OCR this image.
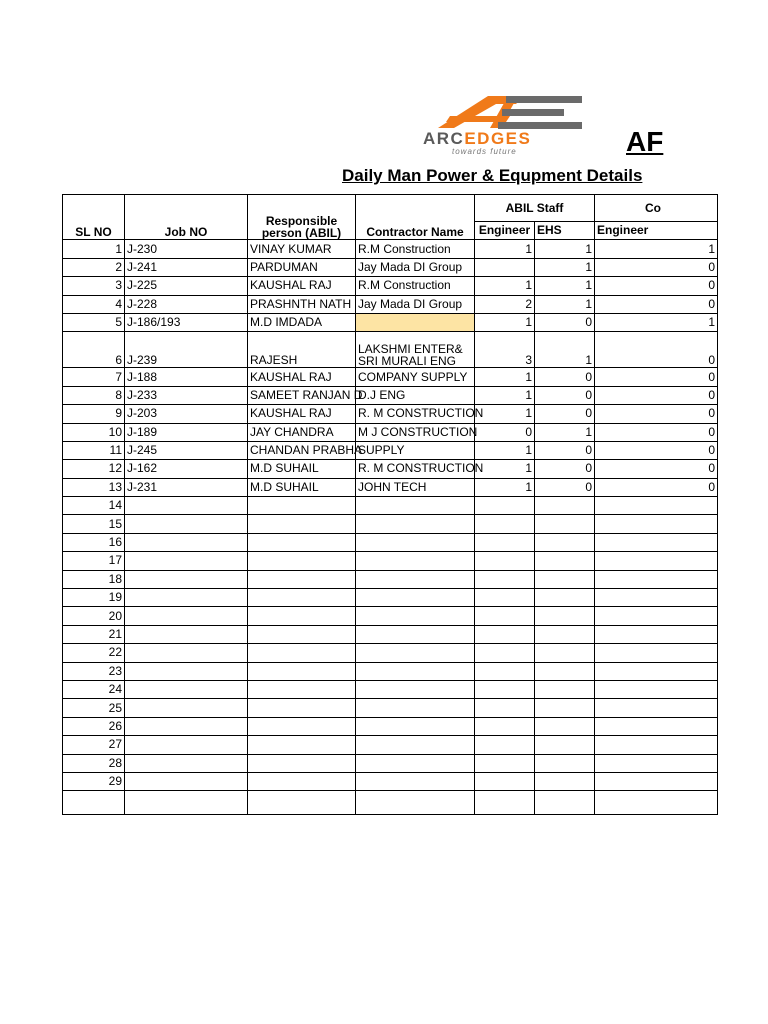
ARCEDGES
towards future	AF
Daily Man Power & Equpment Details
SL NO	Job NO	Responsible person (ABIL)	Contractor Name	ABIL Staff		Co
				Engineer	EHS	Engineer
1	J-230	VINAY KUMAR	R.M Construction	1	1	1
2	J-241	PARDUMAN	Jay Mada DI Group		1	0
3	J-225	KAUSHAL RAJ	R.M Construction	1	1	0
4	J-228	PRASHNTH NATH	Jay Mada DI Group	2	1	0
5	J-186/193	M.D IMDADA		1	0	1
6	J-239	RAJESH	LAKSHMI ENTER& SRI MURALI ENG	3	1	0
7	J-188	KAUSHAL RAJ	COMPANY SUPPLY	1	0	0
8	J-233	SAMEET RANJAN D	D.J ENG	1	0	0
9	J-203	KAUSHAL RAJ	R. M CONSTRUCTION	1	0	0
10	J-189	JAY CHANDRA	M J CONSTRUCTION	0	1	0
11	J-245	CHANDAN PRABHA	SUPPLY	1	0	0
12	J-162	M.D SUHAIL	R. M CONSTRUCTION	1	0	0
13	J-231	M.D SUHAIL	JOHN TECH	1	0	0
14						
15						
16						
17						
18						
19						
20						
21						
22						
23						
24						
25						
26						
27						
28						
29						
